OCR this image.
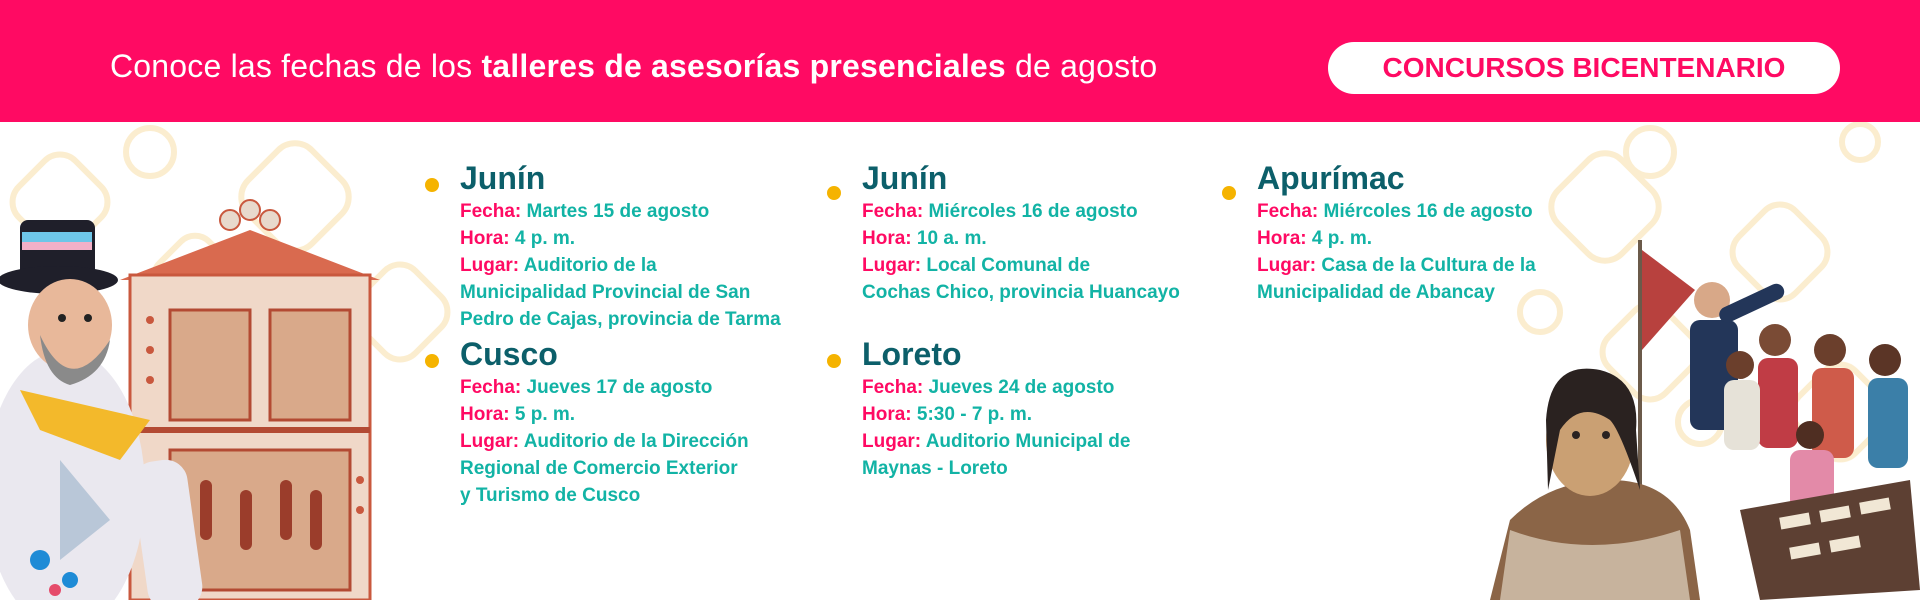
Conoce las fechas de los talleres de asesorías presenciales de agosto	CONCURSOS BICENTENARIO
Junín
Fecha: Martes 15 de agosto
Hora: 4 p. m.
Lugar: Auditorio de la
Municipalidad Provincial de San
Pedro de Cajas, provincia de Tarma
Cusco
Fecha: Jueves 17 de agosto
Hora: 5 p. m.
Lugar: Auditorio de la Dirección
Regional de Comercio Exterior
y Turismo de Cusco
Junín
Fecha: Miércoles 16 de agosto
Hora: 10 a. m.
Lugar: Local Comunal de
Cochas Chico, provincia Huancayo
Loreto
Fecha: Jueves 24 de agosto
Hora: 5:30 - 7 p. m.
Lugar: Auditorio Municipal de
Maynas - Loreto
Apurímac
Fecha: Miércoles 16 de agosto
Hora: 4 p. m.
Lugar: Casa de la Cultura de la
Municipalidad de Abancay
